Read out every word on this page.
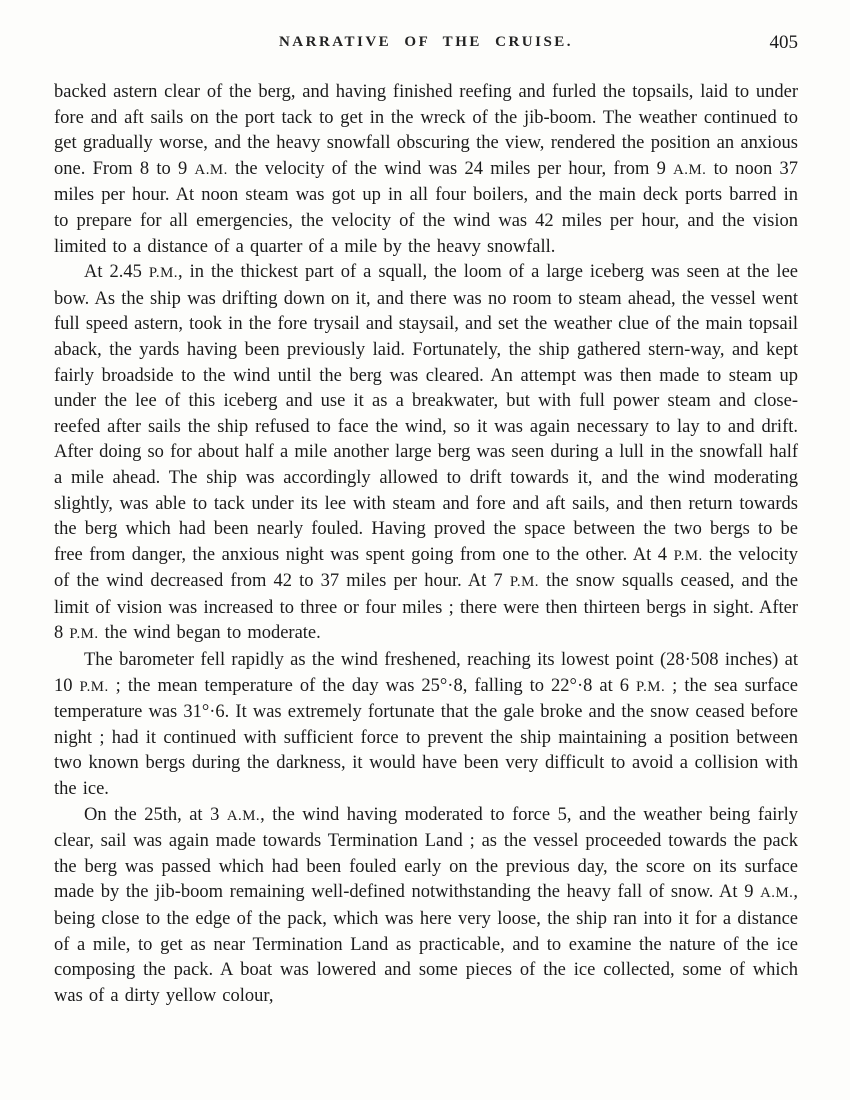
NARRATIVE OF THE CRUISE.	405

backed astern clear of the berg, and having finished reefing and furled the topsails, laid to under fore and aft sails on the port tack to get in the wreck of the jib-boom. The weather continued to get gradually worse, and the heavy snowfall obscuring the view, rendered the position an anxious one. From 8 to 9 A.M. the velocity of the wind was 24 miles per hour, from 9 A.M. to noon 37 miles per hour. At noon steam was got up in all four boilers, and the main deck ports barred in to prepare for all emergencies, the velocity of the wind was 42 miles per hour, and the vision limited to a distance of a quarter of a mile by the heavy snowfall.

At 2.45 P.M., in the thickest part of a squall, the loom of a large iceberg was seen at the lee bow. As the ship was drifting down on it, and there was no room to steam ahead, the vessel went full speed astern, took in the fore trysail and staysail, and set the weather clue of the main topsail aback, the yards having been previously laid. Fortunately, the ship gathered stern-way, and kept fairly broadside to the wind until the berg was cleared. An attempt was then made to steam up under the lee of this iceberg and use it as a breakwater, but with full power steam and close-reefed after sails the ship refused to face the wind, so it was again necessary to lay to and drift. After doing so for about half a mile another large berg was seen during a lull in the snowfall half a mile ahead. The ship was accordingly allowed to drift towards it, and the wind moderating slightly, was able to tack under its lee with steam and fore and aft sails, and then return towards the berg which had been nearly fouled. Having proved the space between the two bergs to be free from danger, the anxious night was spent going from one to the other. At 4 P.M. the velocity of the wind decreased from 42 to 37 miles per hour. At 7 P.M. the snow squalls ceased, and the limit of vision was increased to three or four miles ; there were then thirteen bergs in sight. After 8 P.M. the wind began to moderate.

The barometer fell rapidly as the wind freshened, reaching its lowest point (28·508 inches) at 10 P.M. ; the mean temperature of the day was 25°·8, falling to 22°·8 at 6 P.M. ; the sea surface temperature was 31°·6. It was extremely fortunate that the gale broke and the snow ceased before night ; had it continued with sufficient force to prevent the ship maintaining a position between two known bergs during the darkness, it would have been very difficult to avoid a collision with the ice.

On the 25th, at 3 A.M., the wind having moderated to force 5, and the weather being fairly clear, sail was again made towards Termination Land ; as the vessel proceeded towards the pack the berg was passed which had been fouled early on the previous day, the score on its surface made by the jib-boom remaining well-defined notwithstanding the heavy fall of snow. At 9 A.M., being close to the edge of the pack, which was here very loose, the ship ran into it for a distance of a mile, to get as near Termination Land as practicable, and to examine the nature of the ice composing the pack. A boat was lowered and some pieces of the ice collected, some of which was of a dirty yellow colour,
